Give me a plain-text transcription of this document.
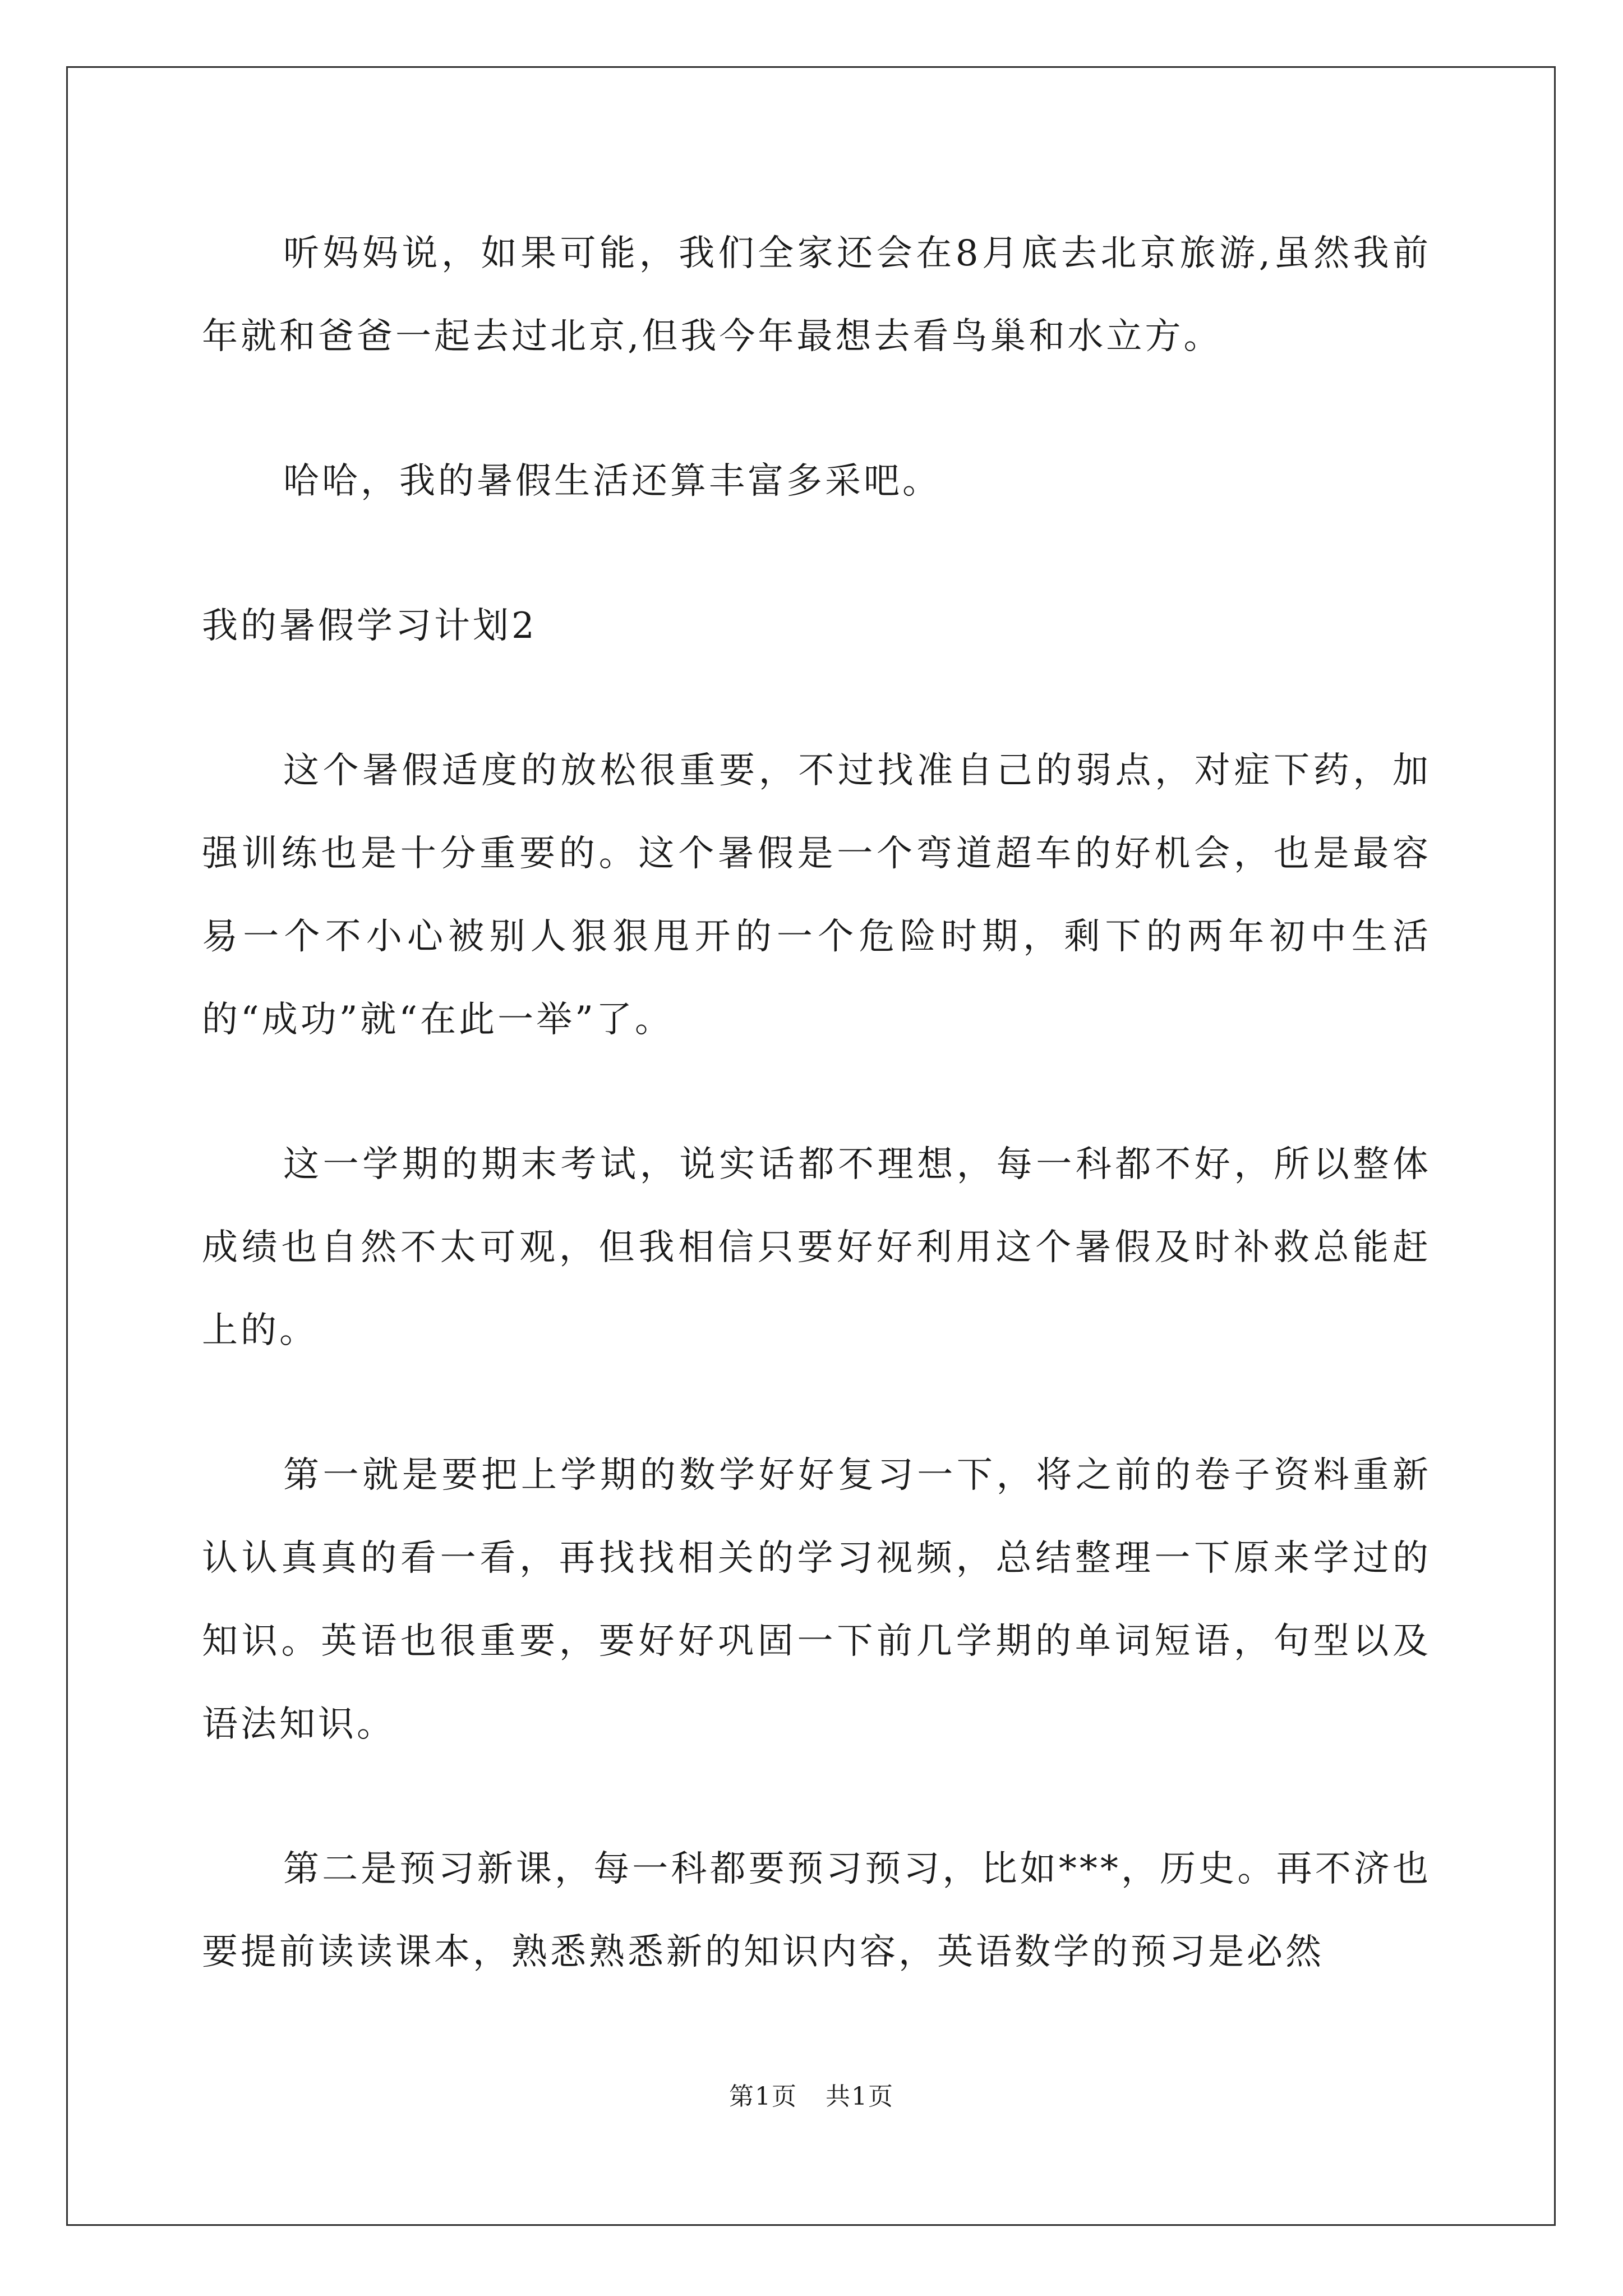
听妈妈说，如果可能，我们全家还会在8月底去北京旅游,虽然我前年就和爸爸一起去过北京,但我今年最想去看鸟巢和水立方。

哈哈，我的暑假生活还算丰富多采吧。

我的暑假学习计划2

这个暑假适度的放松很重要，不过找准自己的弱点，对症下药，加强训练也是十分重要的。这个暑假是一个弯道超车的好机会，也是最容易一个不小心被别人狠狠甩开的一个危险时期，剩下的两年初中生活的“成功”就“在此一举”了。

这一学期的期末考试，说实话都不理想，每一科都不好，所以整体成绩也自然不太可观，但我相信只要好好利用这个暑假及时补救总能赶上的。

第一就是要把上学期的数学好好复习一下，将之前的卷子资料重新认认真真的看一看，再找找相关的学习视频，总结整理一下原来学过的知识。英语也很重要，要好好巩固一下前几学期的单词短语，句型以及语法知识。

第二是预习新课，每一科都要预习预习，比如***，历史。再不济也要提前读读课本，熟悉熟悉新的知识内容，英语数学的预习是必然

第1页 共1页
